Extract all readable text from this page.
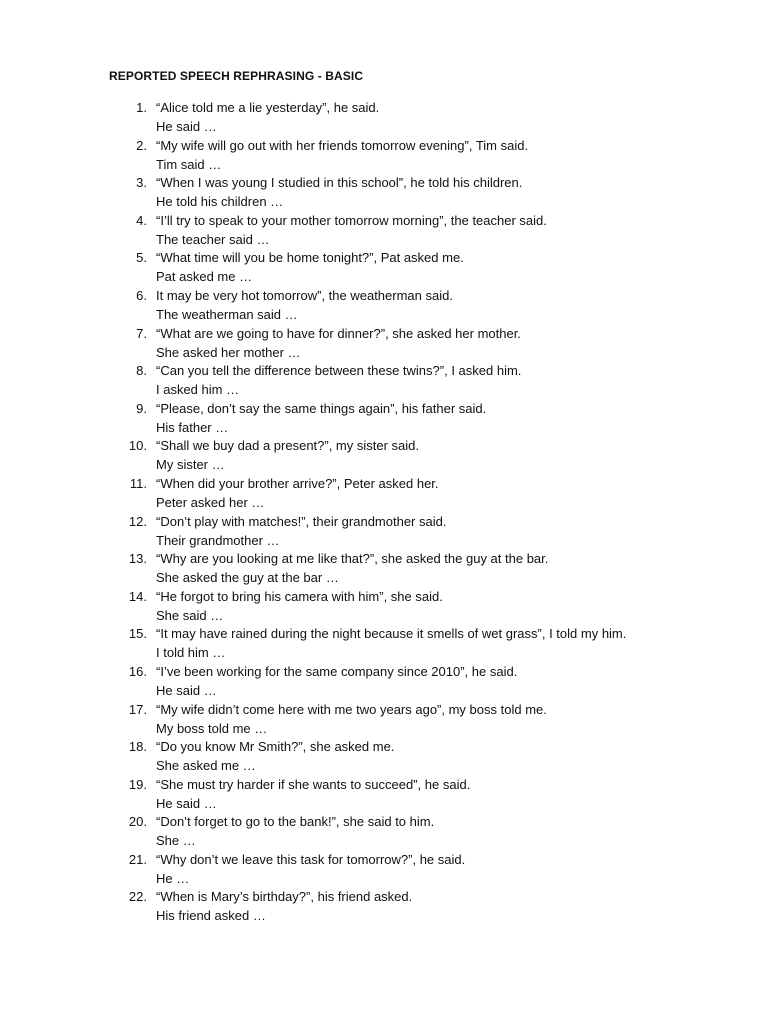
REPORTED SPEECH REPHRASING - BASIC
1. “Alice told me a lie yesterday”, he said.
He said …
2. “My wife will go out with her friends tomorrow evening”, Tim said.
Tim said …
3. “When I was young I studied in this school”, he told his children.
He told his children …
4. “I’ll try to speak to your mother tomorrow morning”, the teacher said.
The teacher said …
5. “What time will you be home tonight?”, Pat asked me.
Pat asked me …
6. It may be very hot tomorrow”, the weatherman said.
The weatherman said …
7. “What are we going to have for dinner?”, she asked her mother.
She asked her mother …
8. “Can you tell the difference between these twins?”, I asked him.
I asked him …
9. “Please, don’t say the same things again”, his father said.
His father …
10. “Shall we buy dad a present?”, my sister said.
My sister …
11. “When did your brother arrive?”, Peter asked her.
Peter asked her …
12. “Don’t play with matches!”, their grandmother said.
Their grandmother …
13. “Why are you looking at me like that?”, she asked the guy at the bar.
She asked the guy at the bar …
14. “He forgot to bring his camera with him”, she said.
She said …
15. “It may have rained during the night because it smells of wet grass”, I told my him.
I told him …
16. “I’ve been working for the same company since 2010”, he said.
He said …
17. “My wife didn’t come here with me two years ago”, my boss told me.
My boss told me …
18. “Do you know Mr Smith?”, she asked me.
She asked me …
19. “She must try harder if she wants to succeed”, he said.
He said …
20. “Don’t forget to go to the bank!”, she said to him.
She …
21. “Why don’t we leave this task for tomorrow?”, he said.
He …
22. “When is Mary’s birthday?”, his friend asked.
His friend asked …
